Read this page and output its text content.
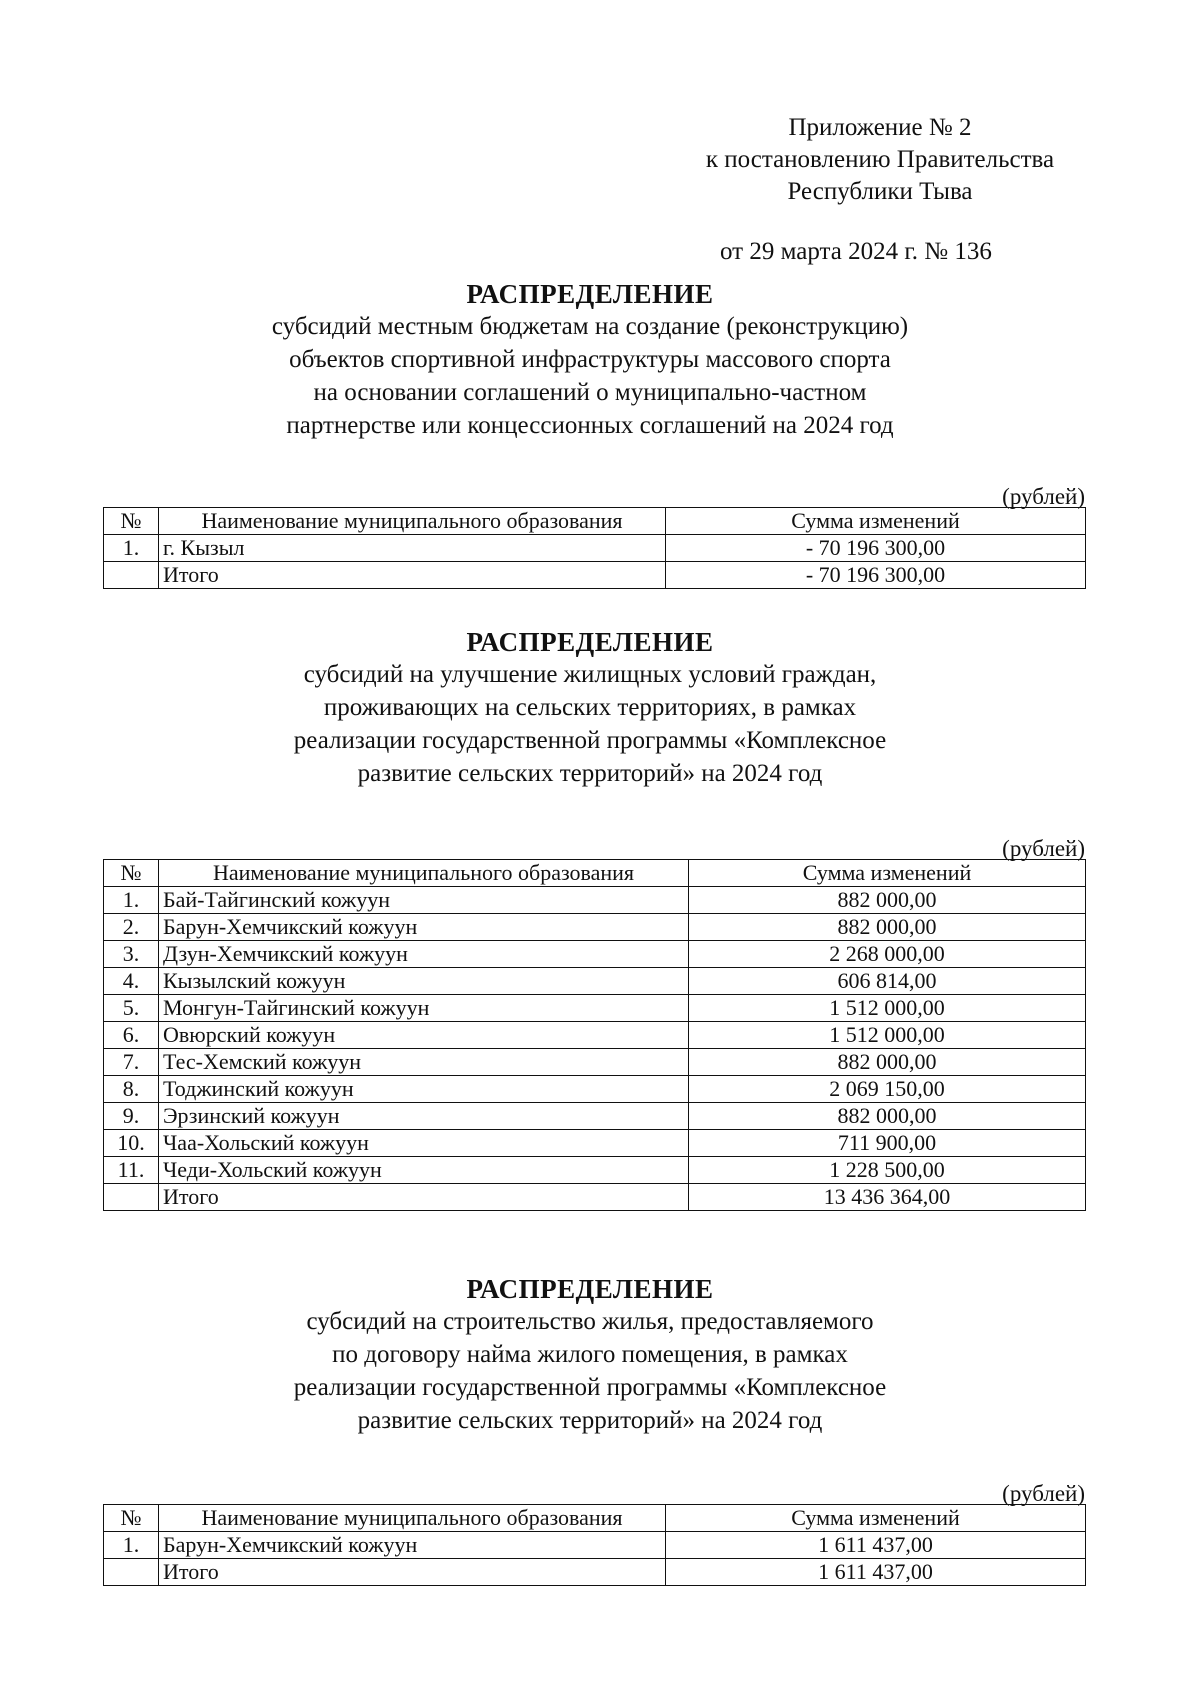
Приложение № 2
к постановлению Правительства
Республики Тыва
от 29 марта 2024 г. № 136
РАСПРЕДЕЛЕНИЕ
субсидий местным бюджетам на создание (реконструкцию)
объектов спортивной инфраструктуры массового спорта
на основании соглашений о муниципально-частном
партнерстве или концессионных соглашений на 2024 год
(рублей)
№	Наименование муниципального образования	Сумма изменений
1.	г. Кызыл	- 70 196 300,00
	Итого	- 70 196 300,00
РАСПРЕДЕЛЕНИЕ
субсидий на улучшение жилищных условий граждан,
проживающих на сельских территориях, в рамках
реализации государственной программы «Комплексное
развитие сельских территорий» на 2024 год
(рублей)
№	Наименование муниципального образования	Сумма изменений
1.	Бай-Тайгинский кожуун	882 000,00
2.	Барун-Хемчикский кожуун	882 000,00
3.	Дзун-Хемчикский кожуун	2 268 000,00
4.	Кызылский кожуун	606 814,00
5.	Монгун-Тайгинский кожуун	1 512 000,00
6.	Овюрский кожуун	1 512 000,00
7.	Тес-Хемский кожуун	882 000,00
8.	Тоджинский кожуун	2 069 150,00
9.	Эрзинский кожуун	882 000,00
10.	Чаа-Хольский кожуун	711 900,00
11.	Чеди-Хольский кожуун	1 228 500,00
	Итого	13 436 364,00
РАСПРЕДЕЛЕНИЕ
субсидий на строительство жилья, предоставляемого
по договору найма жилого помещения, в рамках
реализации государственной программы «Комплексное
развитие сельских территорий» на 2024 год
(рублей)
№	Наименование муниципального образования	Сумма изменений
1.	Барун-Хемчикский кожуун	1 611 437,00
	Итого	1 611 437,00
